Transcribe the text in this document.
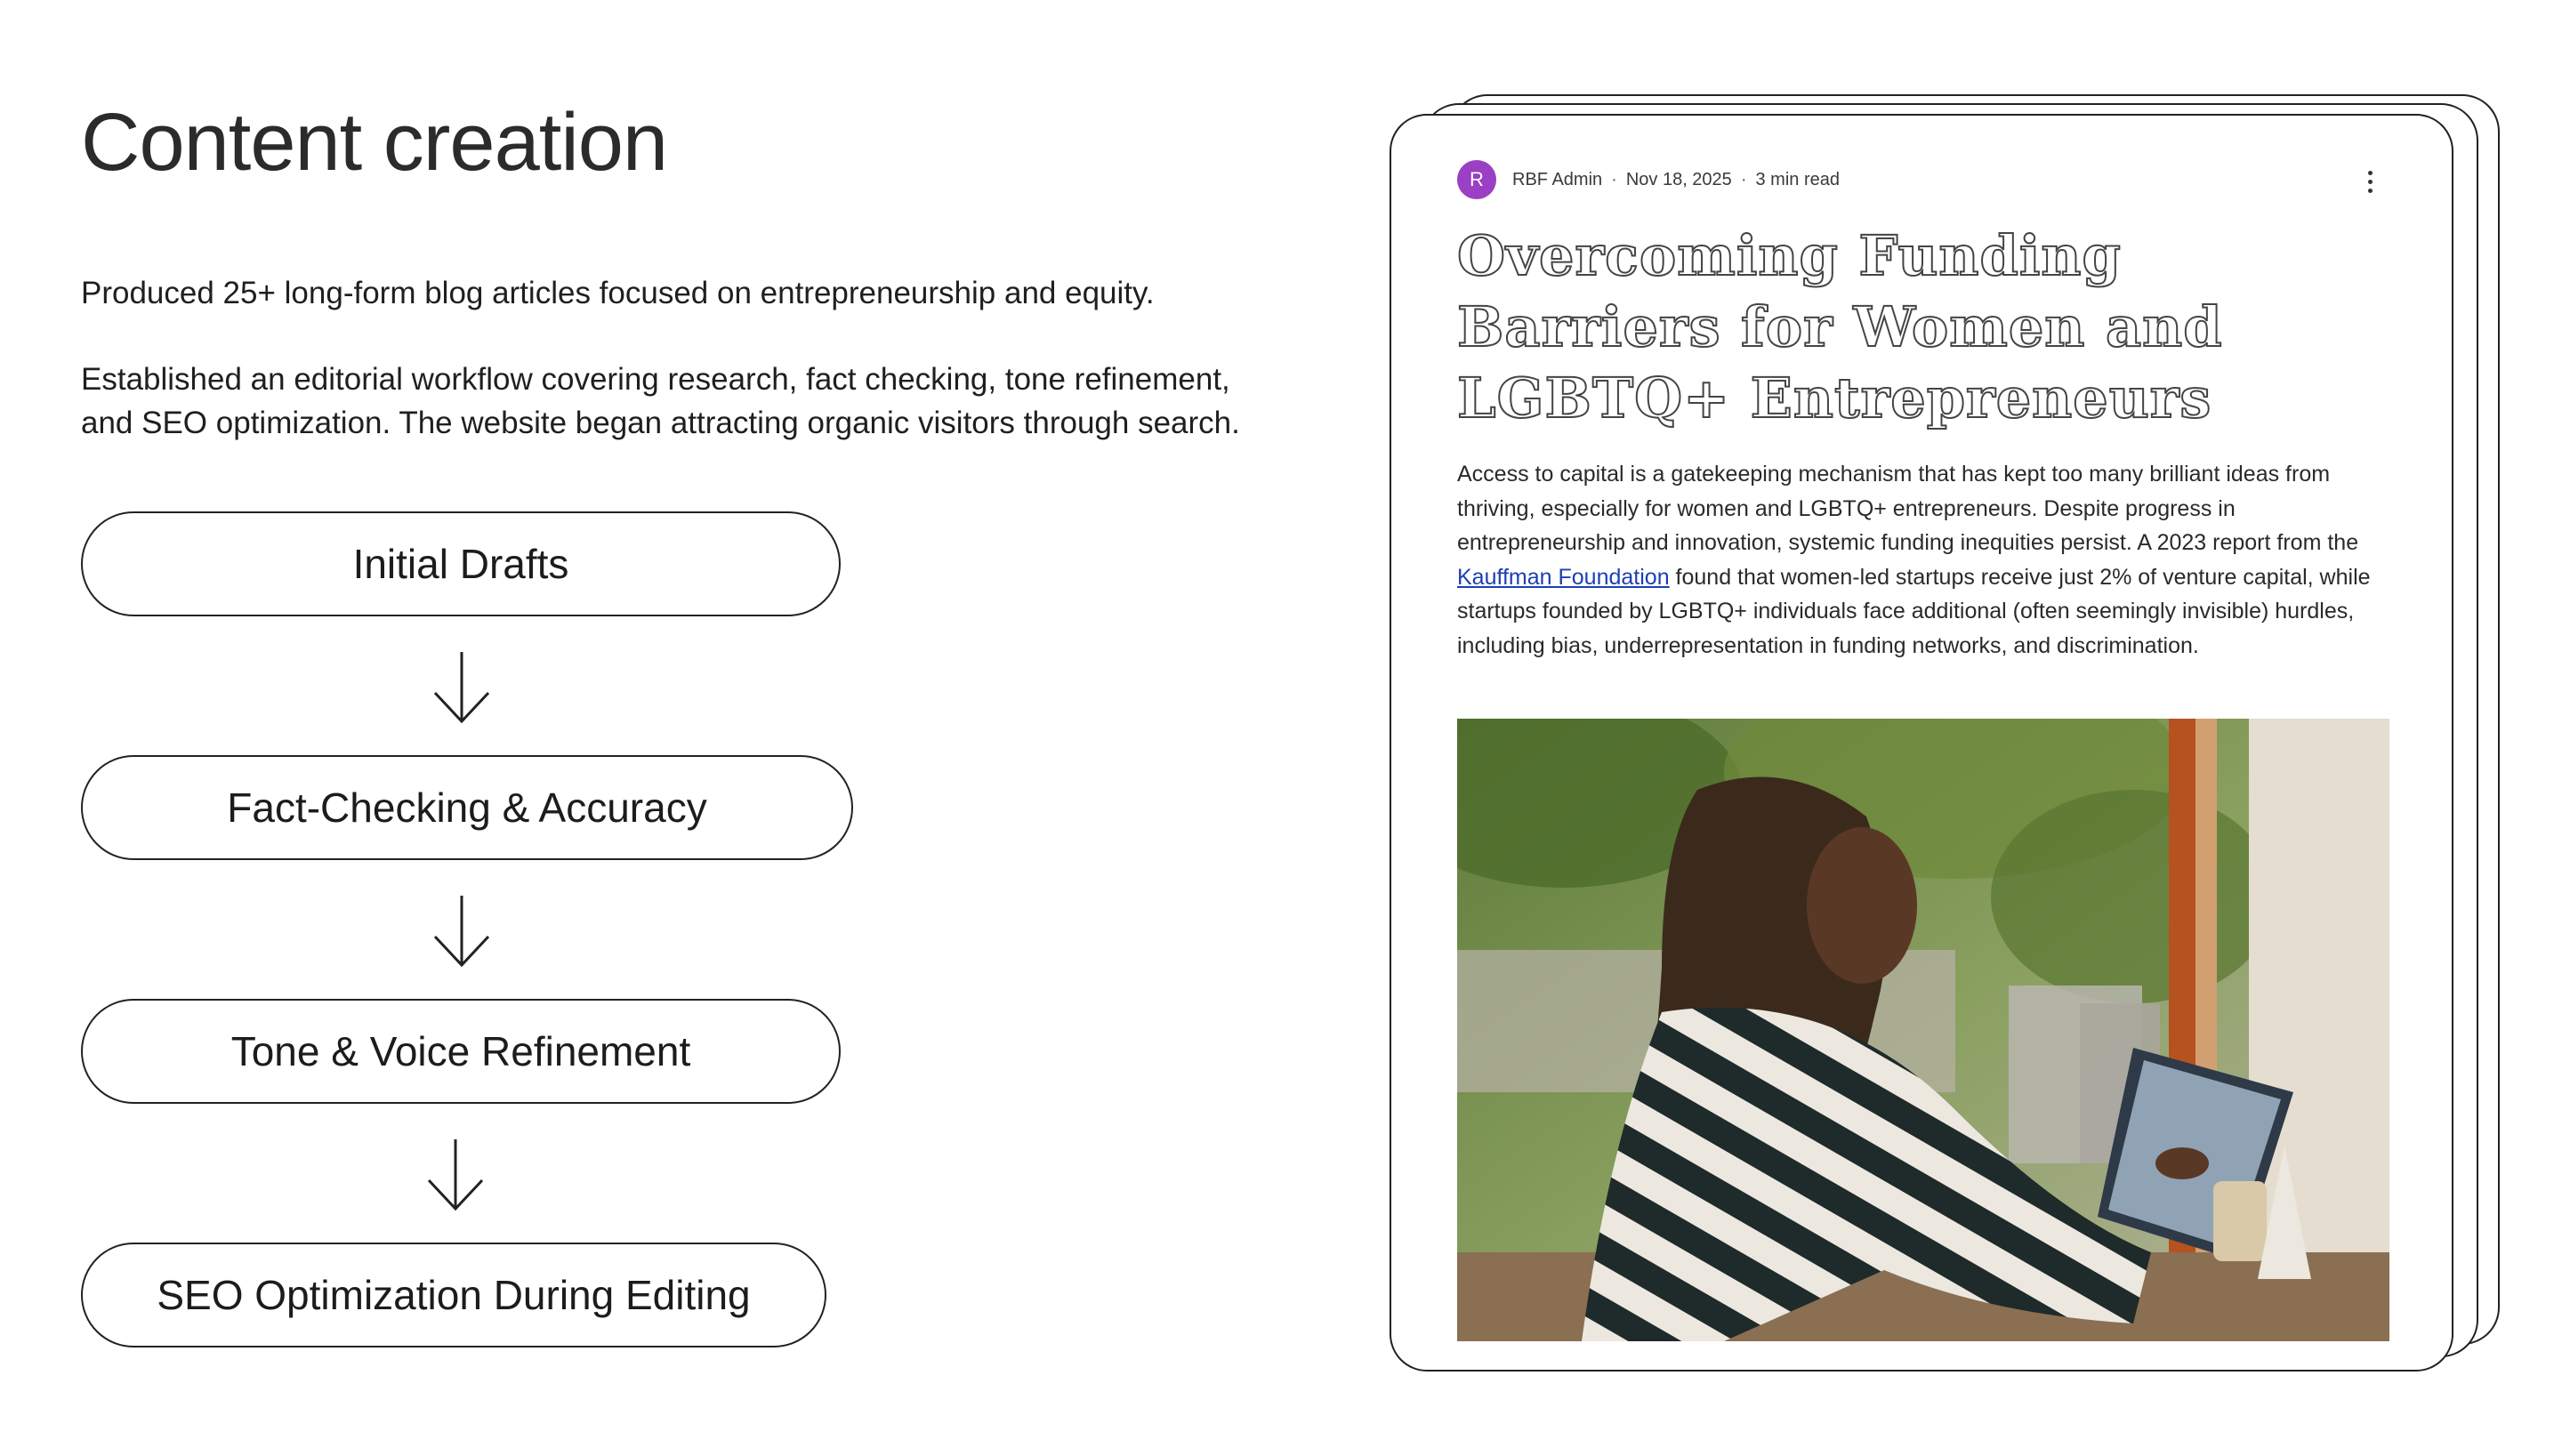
Content creation

Produced 25+ long-form blog articles focused on entrepreneurship and equity.

Established an editorial workflow covering research, fact checking, tone refinement, and SEO optimization. The website began attracting organic visitors through search.

Initial Drafts
Fact-Checking & Accuracy
Tone & Voice Refinement
SEO Optimization During Editing
R	RBF Admin · Nov 18, 2025 · 3 min read
Overcoming Funding Barriers for Women and LGBTQ+ Entrepreneurs

Access to capital is a gatekeeping mechanism that has kept too many brilliant ideas from thriving, especially for women and LGBTQ+ entrepreneurs. Despite progress in entrepreneurship and innovation, systemic funding inequities persist. A 2023 report from the Kauffman Foundation found that women-led startups receive just 2% of venture capital, while startups founded by LGBTQ+ individuals face additional (often seemingly invisible) hurdles, including bias, underrepresentation in funding networks, and discrimination.
